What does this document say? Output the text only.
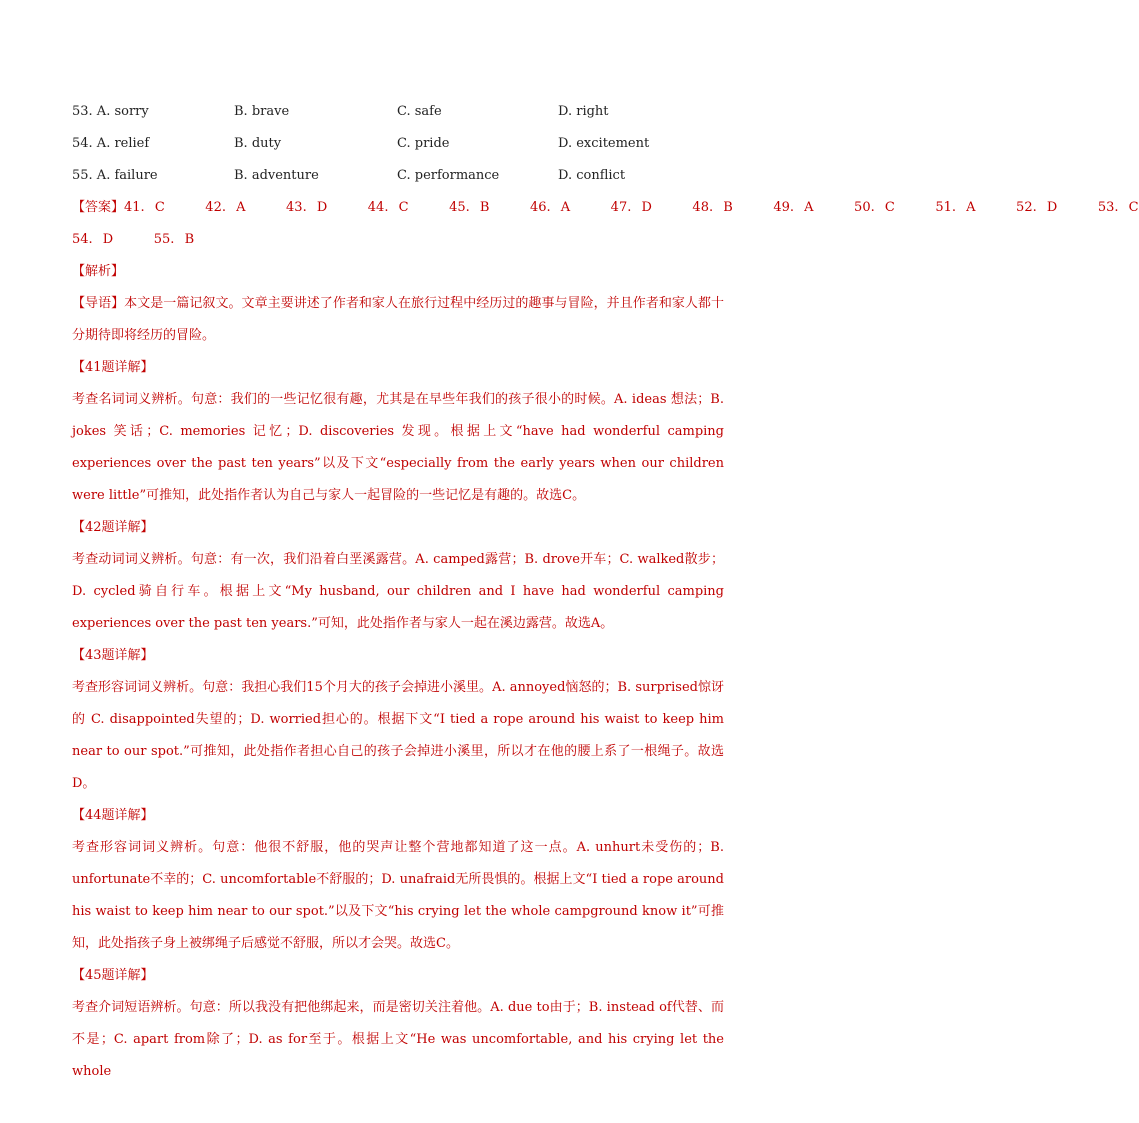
53. A. sorry	B. brave	C. safe	D. right
54. A. relief	B. duty	C. pride	D. excitement
55. A. failure	B. adventure	C. performance	D. conflict
【答案】41. C    42. A    43. D    44. C    45. B    46. A    47. D    48. B    49. A    50. C    51. A    52. D    53. C
54. D    55. B
【解析】
【导语】本文是一篇记叙文。文章主要讲述了作者和家人在旅行过程中经历过的趣事与冒险，并且作者和家人都十分期待即将经历的冒险。
【41题详解】
考查名词词义辨析。句意：我们的一些记忆很有趣，尤其是在早些年我们的孩子很小的时候。A. ideas 想法；B. jokes 笑话；C. memories 记忆；D. discoveries 发现。根据上文“have had wonderful camping experiences over the past ten years”以及下文“especially from the early years when our children were little”可推知，此处指作者认为自己与家人一起冒险的一些记忆是有趣的。故选C。
【42题详解】
考查动词词义辨析。句意：有一次，我们沿着白垩溪露营。A. camped露营；B. drove开车；C. walked散步；D. cycled骑自行车。根据上文“My husband, our children and I have had wonderful camping experiences over the past ten years.”可知，此处指作者与家人一起在溪边露营。故选A。
【43题详解】
考查形容词词义辨析。句意：我担心我们15个月大的孩子会掉进小溪里。A. annoyed恼怒的；B. surprised惊讶的 C. disappointed失望的；D. worried担心的。根据下文“I tied a rope around his waist to keep him near to our spot.”可推知，此处指作者担心自己的孩子会掉进小溪里，所以才在他的腰上系了一根绳子。故选D。
【44题详解】
考查形容词词义辨析。句意：他很不舒服，他的哭声让整个营地都知道了这一点。A. unhurt未受伤的；B. unfortunate不幸的；C. uncomfortable不舒服的；D. unafraid无所畏惧的。根据上文“I tied a rope around his waist to keep him near to our spot.”以及下文“his crying let the whole campground know it”可推知，此处指孩子身上被绑绳子后感觉不舒服，所以才会哭。故选C。
【45题详解】
考查介词短语辨析。句意：所以我没有把他绑起来，而是密切关注着他。A. due to由于；B. instead of代替、而不是；C. apart from除了；D. as for至于。根据上文“He was uncomfortable, and his crying let the whole
